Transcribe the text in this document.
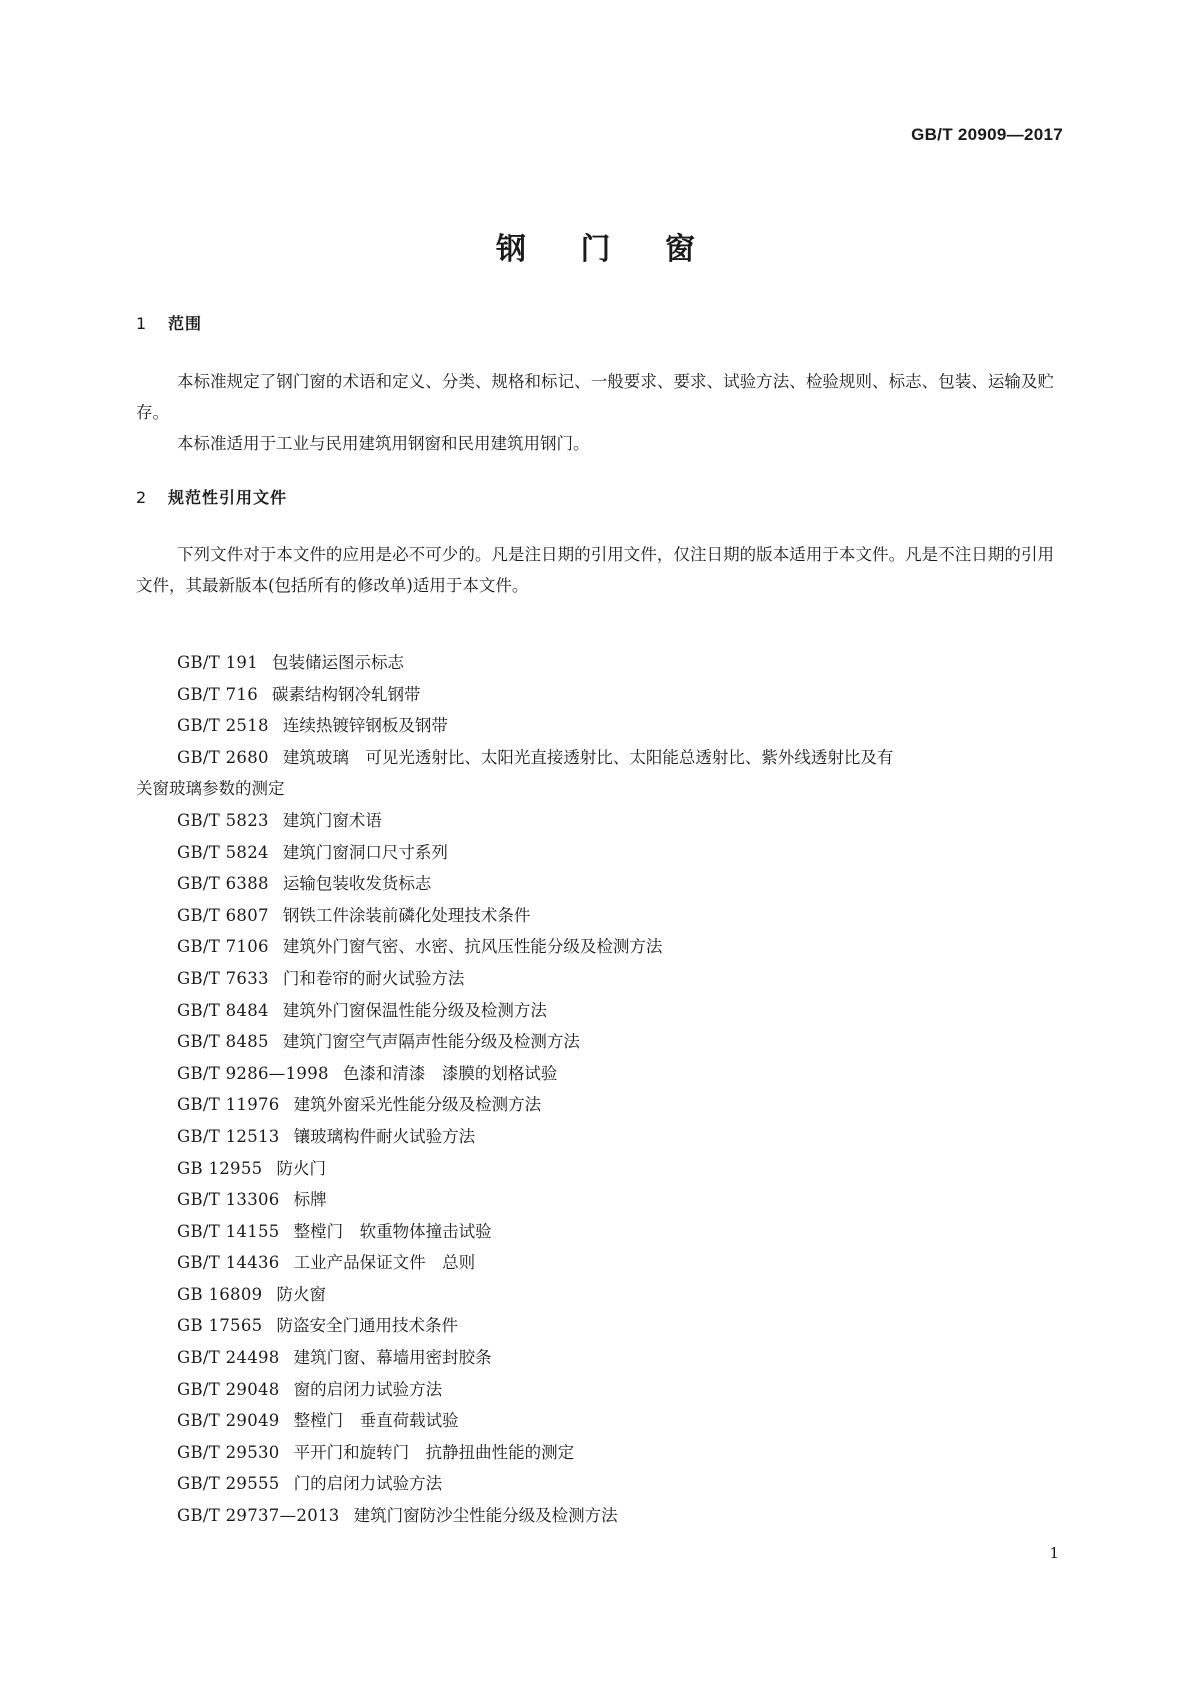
GB/T 20909—2017
钢 门 窗
1 范围
本标准规定了钢门窗的术语和定义、分类、规格和标记、一般要求、要求、试验方法、检验规则、标志、包装、运输及贮存。
本标准适用于工业与民用建筑用钢窗和民用建筑用钢门。
2 规范性引用文件
下列文件对于本文件的应用是必不可少的。凡是注日期的引用文件，仅注日期的版本适用于本文件。凡是不注日期的引用文件，其最新版本(包括所有的修改单)适用于本文件。
GB/T 191 包装储运图示标志
GB/T 716 碳素结构钢冷轧钢带
GB/T 2518 连续热镀锌钢板及钢带
GB/T 2680 建筑玻璃　可见光透射比、太阳光直接透射比、太阳能总透射比、紫外线透射比及有
关窗玻璃参数的测定
GB/T 5823 建筑门窗术语
GB/T 5824 建筑门窗洞口尺寸系列
GB/T 6388 运输包装收发货标志
GB/T 6807 钢铁工件涂装前磷化处理技术条件
GB/T 7106 建筑外门窗气密、水密、抗风压性能分级及检测方法
GB/T 7633 门和卷帘的耐火试验方法
GB/T 8484 建筑外门窗保温性能分级及检测方法
GB/T 8485 建筑门窗空气声隔声性能分级及检测方法
GB/T 9286—1998 色漆和清漆　漆膜的划格试验
GB/T 11976 建筑外窗采光性能分级及检测方法
GB/T 12513 镶玻璃构件耐火试验方法
GB 12955 防火门
GB/T 13306 标牌
GB/T 14155 整樘门　软重物体撞击试验
GB/T 14436 工业产品保证文件　总则
GB 16809 防火窗
GB 17565 防盗安全门通用技术条件
GB/T 24498 建筑门窗、幕墙用密封胶条
GB/T 29048 窗的启闭力试验方法
GB/T 29049 整樘门　垂直荷载试验
GB/T 29530 平开门和旋转门　抗静扭曲性能的测定
GB/T 29555 门的启闭力试验方法
GB/T 29737—2013 建筑门窗防沙尘性能分级及检测方法
1
